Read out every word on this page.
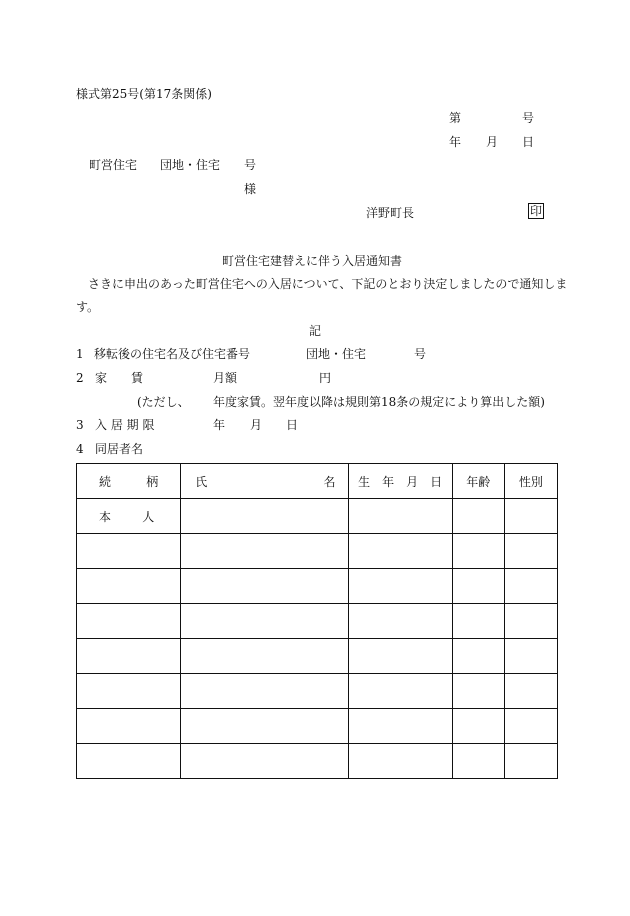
様式第25号(第17条関係)
第	号
年 月 日
町営住宅 団地・住宅 号
様
洋野町長	印
町営住宅建替えに伴う入居通知書
さきに申出のあった町営住宅への入居について、下記のとおり決定しましたので通知しま
す。
記
1 移転後の住宅名及び住宅番号	団地・住宅	号
2 家 賃	月額	円
(ただし、 年度家賃。翌年度以降は規則第18条の規定により算出した額)
3 入 居 期 限	年 月 日
4 同居者名
続 柄	氏 名	生　年　月　日	年齢	性別

本 人				
